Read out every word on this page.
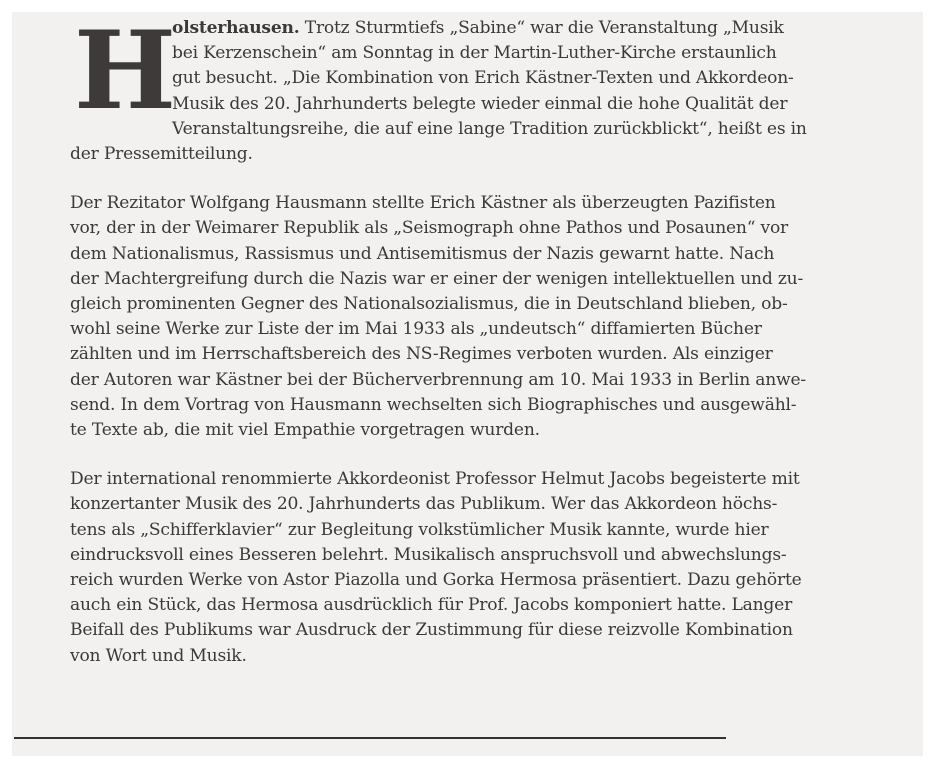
H
olsterhausen. Trotz Sturmtiefs „Sabine“ war die Veranstaltung „Musik
bei Kerzenschein“ am Sonntag in der Martin-Luther-Kirche erstaunlich
gut besucht. „Die Kombination von Erich Kästner-Texten und Akkordeon-
Musik des 20. Jahrhunderts belegte wieder einmal die hohe Qualität der
Veranstaltungsreihe, die auf eine lange Tradition zurückblickt“, heißt es in
der Pressemitteilung.
Der Rezitator Wolfgang Hausmann stellte Erich Kästner als überzeugten Pazifisten
vor, der in der Weimarer Republik als „Seismograph ohne Pathos und Posaunen“ vor
dem Nationalismus, Rassismus und Antisemitismus der Nazis gewarnt hatte. Nach
der Machtergreifung durch die Nazis war er einer der wenigen intellektuellen und zu-
gleich prominenten Gegner des Nationalsozialismus, die in Deutschland blieben, ob-
wohl seine Werke zur Liste der im Mai 1933 als „undeutsch“ diffamierten Bücher
zählten und im Herrschaftsbereich des NS-Regimes verboten wurden. Als einziger
der Autoren war Kästner bei der Bücherverbrennung am 10. Mai 1933 in Berlin anwe-
send. In dem Vortrag von Hausmann wechselten sich Biographisches und ausgewähl-
te Texte ab, die mit viel Empathie vorgetragen wurden.
Der international renommierte Akkordeonist Professor Helmut Jacobs begeisterte mit
konzertanter Musik des 20. Jahrhunderts das Publikum. Wer das Akkordeon höchs-
tens als „Schifferklavier“ zur Begleitung volkstümlicher Musik kannte, wurde hier
eindrucksvoll eines Besseren belehrt. Musikalisch anspruchsvoll und abwechslungs-
reich wurden Werke von Astor Piazolla und Gorka Hermosa präsentiert. Dazu gehörte
auch ein Stück, das Hermosa ausdrücklich für Prof. Jacobs komponiert hatte. Langer
Beifall des Publikums war Ausdruck der Zustimmung für diese reizvolle Kombination
von Wort und Musik.
